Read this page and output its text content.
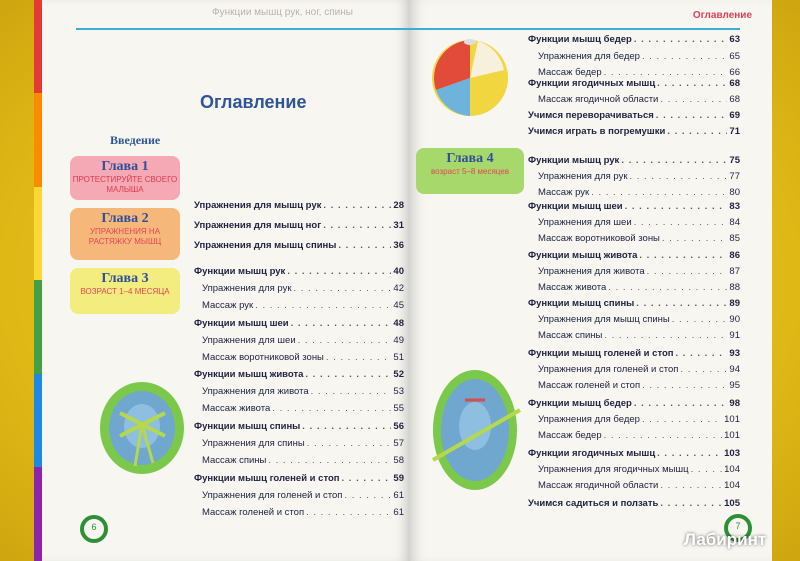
Функции мышц рук, ног, спины	Оглавление
Оглавление
Введение
Глава 1
ПРОТЕСТИРУЙТЕ СВОЕГО МАЛЫША
Глава 2
УПРАЖНЕНИЯ НА РАСТЯЖКУ МЫШЦ
Глава 3
ВОЗРАСТ 1–4 МЕСЯЦА
Глава 4
возраст 5–8 месяцев
Упражнения для мышц рук . . .	28
Упражнения для мышц ног . . .	31
Упражнения для мышц спины . . .	36
Функции мышц рук . . .	40
Упражнения для рук . . .	42
Массаж рук . . .	45
Функции мышц шеи . . .	48
Упражнения для шеи . . .	49
Массаж воротниковой зоны . . .	51
Функции мышц живота . . .	52
Упражнения для живота . . .	53
Массаж живота . . .	55
Функции мышц спины . . .	56
Упражнения для спины . . .	57
Массаж спины . . .	58
Функции мышц голеней и стоп . . .	59
Упражнения для голеней и стоп . . .	61
Массаж голеней и стоп . . .	61
Функции мышц бедер . . .	63
Упражнения для бедер . . .	65
Массаж бедер . . .	66
Функции ягодичных мышц . . .	68
Массаж ягодичной области . . .	68
Учимся переворачиваться . . .	69
Учимся играть в погремушки . . .	71
Функции мышц рук . . .	75
Упражнения для рук . . .	77
Массаж рук . . .	80
Функции мышц шеи . . .	83
Упражнения для шеи . . .	84
Массаж воротниковой зоны . . .	85
Функции мышц живота . . .	86
Упражнения для живота . . .	87
Массаж живота . . .	88
Функции мышц спины . . .	89
Упражнения для мышц спины . . .	90
Массаж спины . . .	91
Функции мышц голеней и стоп . . .	93
Упражнения для голеней и стоп . . .	94
Массаж голеней и стоп . . .	95
Функции мышц бедер . . .	98
Упражнения для бедер . . .	101
Массаж бедер . . .	101
Функции ягодичных мышц . . .	103
Упражнения для ягодичных мышц . . .	104
Массаж ягодичной области . . .	104
Учимся садиться и ползать . . .	105
6	7
Лабиринт
